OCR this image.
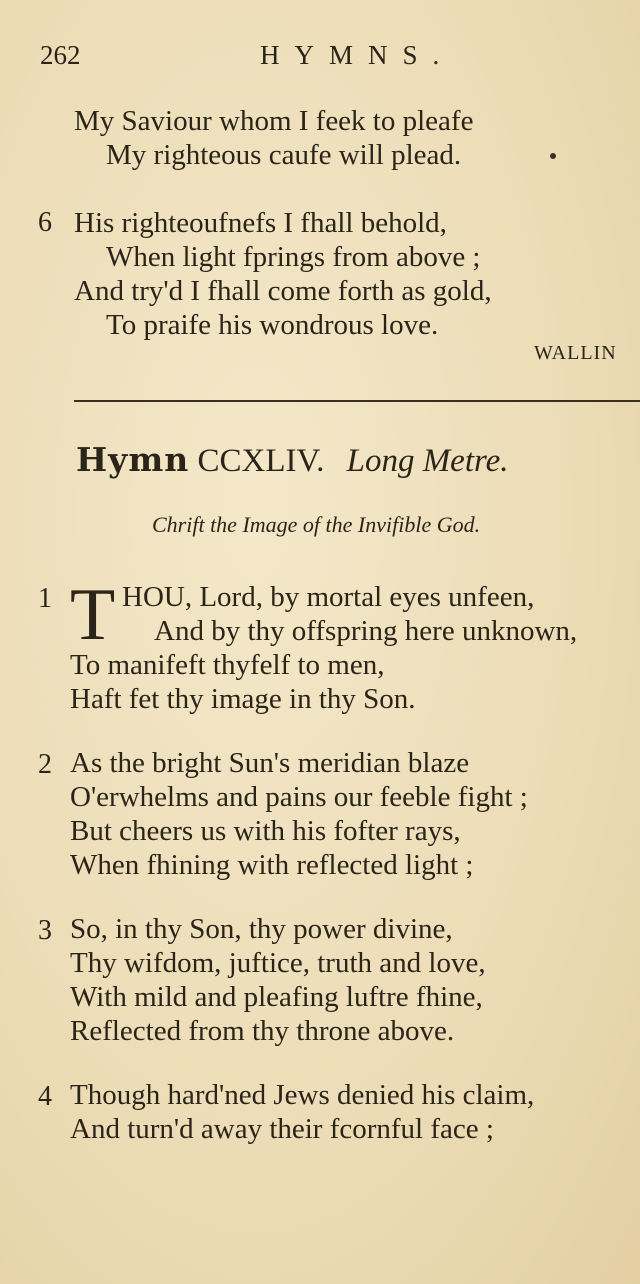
262	HYMNS.
My Saviour whom I feek to pleafe
My righteous caufe will plead.
6 His righteoufnefs I fhall behold,
When light fprings from above ;
And try'd I fhall come forth as gold,
To praife his wondrous love.
WALLIN
Hymn CCXLIV. Long Metre.
Chrift the Image of the Invifible God.
1 T HOU, Lord, by mortal eyes unfeen,
And by thy offspring here unknown,
To manifeft thyfelf to men,
Haft fet thy image in thy Son.
2 As the bright Sun's meridian blaze
O'erwhelms and pains our feeble fight ;
But cheers us with his fofter rays,
When fhining with reflected light ;
3 So, in thy Son, thy power divine,
Thy wifdom, juftice, truth and love,
With mild and pleafing luftre fhine,
Reflected from thy throne above.
4 Though hard'ned Jews denied his claim,
And turn'd away their fcornful face ;
